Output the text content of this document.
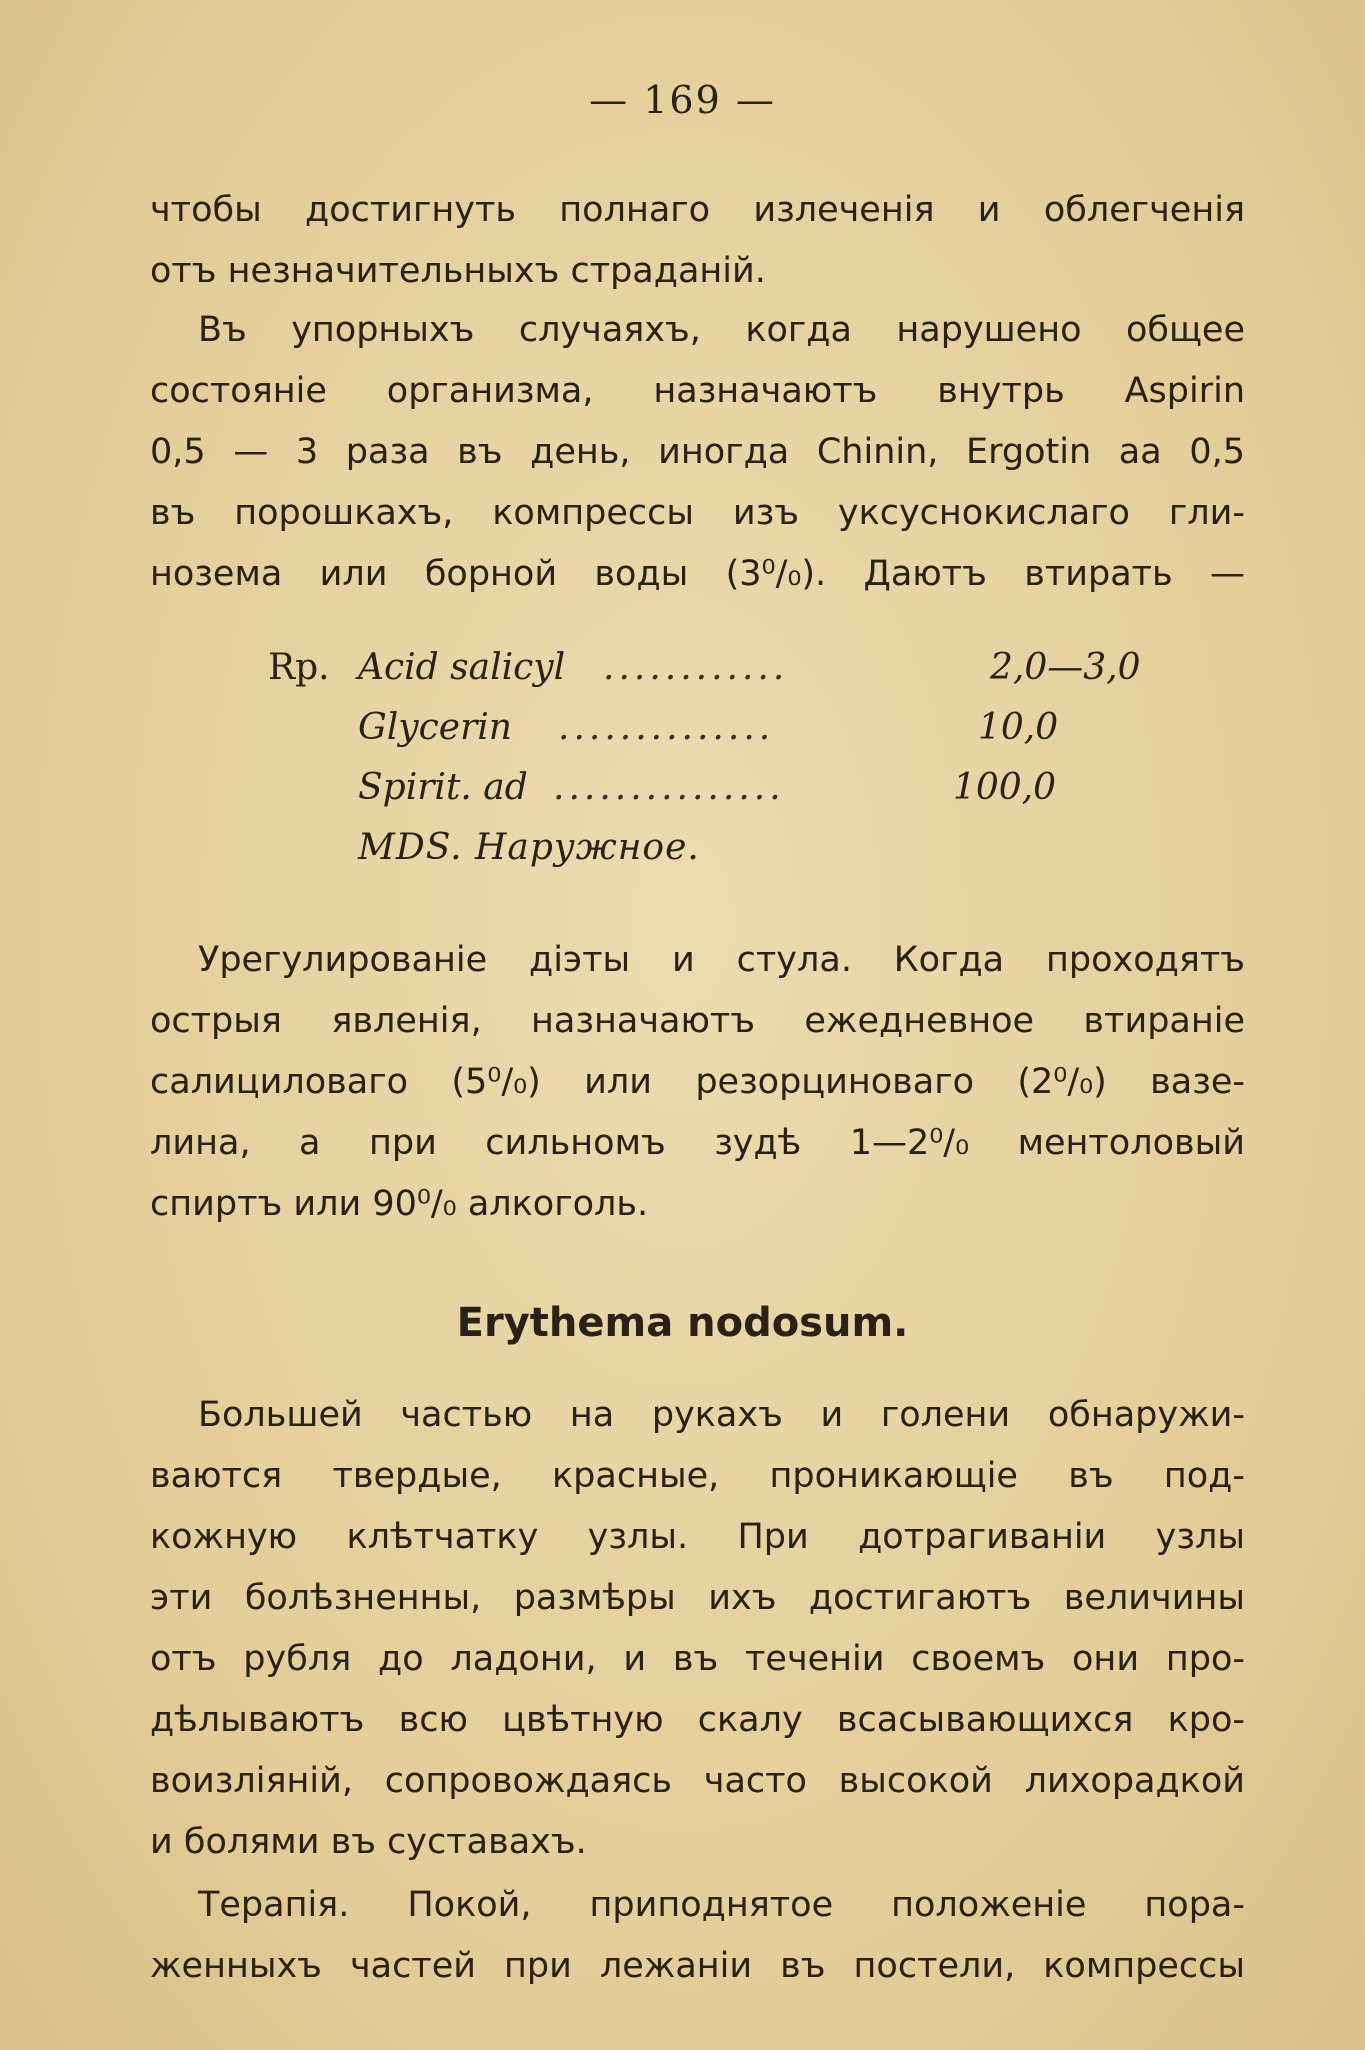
— 169 —
чтобы достигнуть полнаго излеченія и облегченія
отъ незначительныхъ страданій.
Въ упорныхъ случаяхъ, когда нарушено общее
состояніе организма, назначаютъ внутрь Aspirin
0,5 — 3 раза въ день, иногда Chinin, Ergotin aa 0,5
въ порошкахъ, компрессы изъ уксуснокислаго гли-
нозема или борной воды (3⁰/₀). Даютъ втирать —
Rp. Acid salicyl ............	2,0—3,0
Glycerin ..............	10,0
Spirit. ad ...............	100,0
MDS. Наружное.
Урегулированіе діэты и стула. Когда проходятъ
острыя явленія, назначаютъ ежедневное втираніе
салициловаго (5⁰/₀) или резорциноваго (2⁰/₀) вазе-
лина, а при сильномъ зудѣ 1—2⁰/₀ ментоловый
спиртъ или 90⁰/₀ алкоголь.
Erythema nodosum.
Большей частью на рукахъ и голени обнаружи-
ваются твердые, красные, проникающіе въ под-
кожную клѣтчатку узлы. При дотрагиваніи узлы
эти болѣзненны, размѣры ихъ достигаютъ величины
отъ рубля до ладони, и въ теченіи своемъ они про-
дѣлываютъ всю цвѣтную скалу всасывающихся кро-
воизліяній, сопровождаясь часто высокой лихорадкой
и болями въ суставахъ.
Терапія. Покой, приподнятое положеніе пора-
женныхъ частей при лежаніи въ постели, компрессы
